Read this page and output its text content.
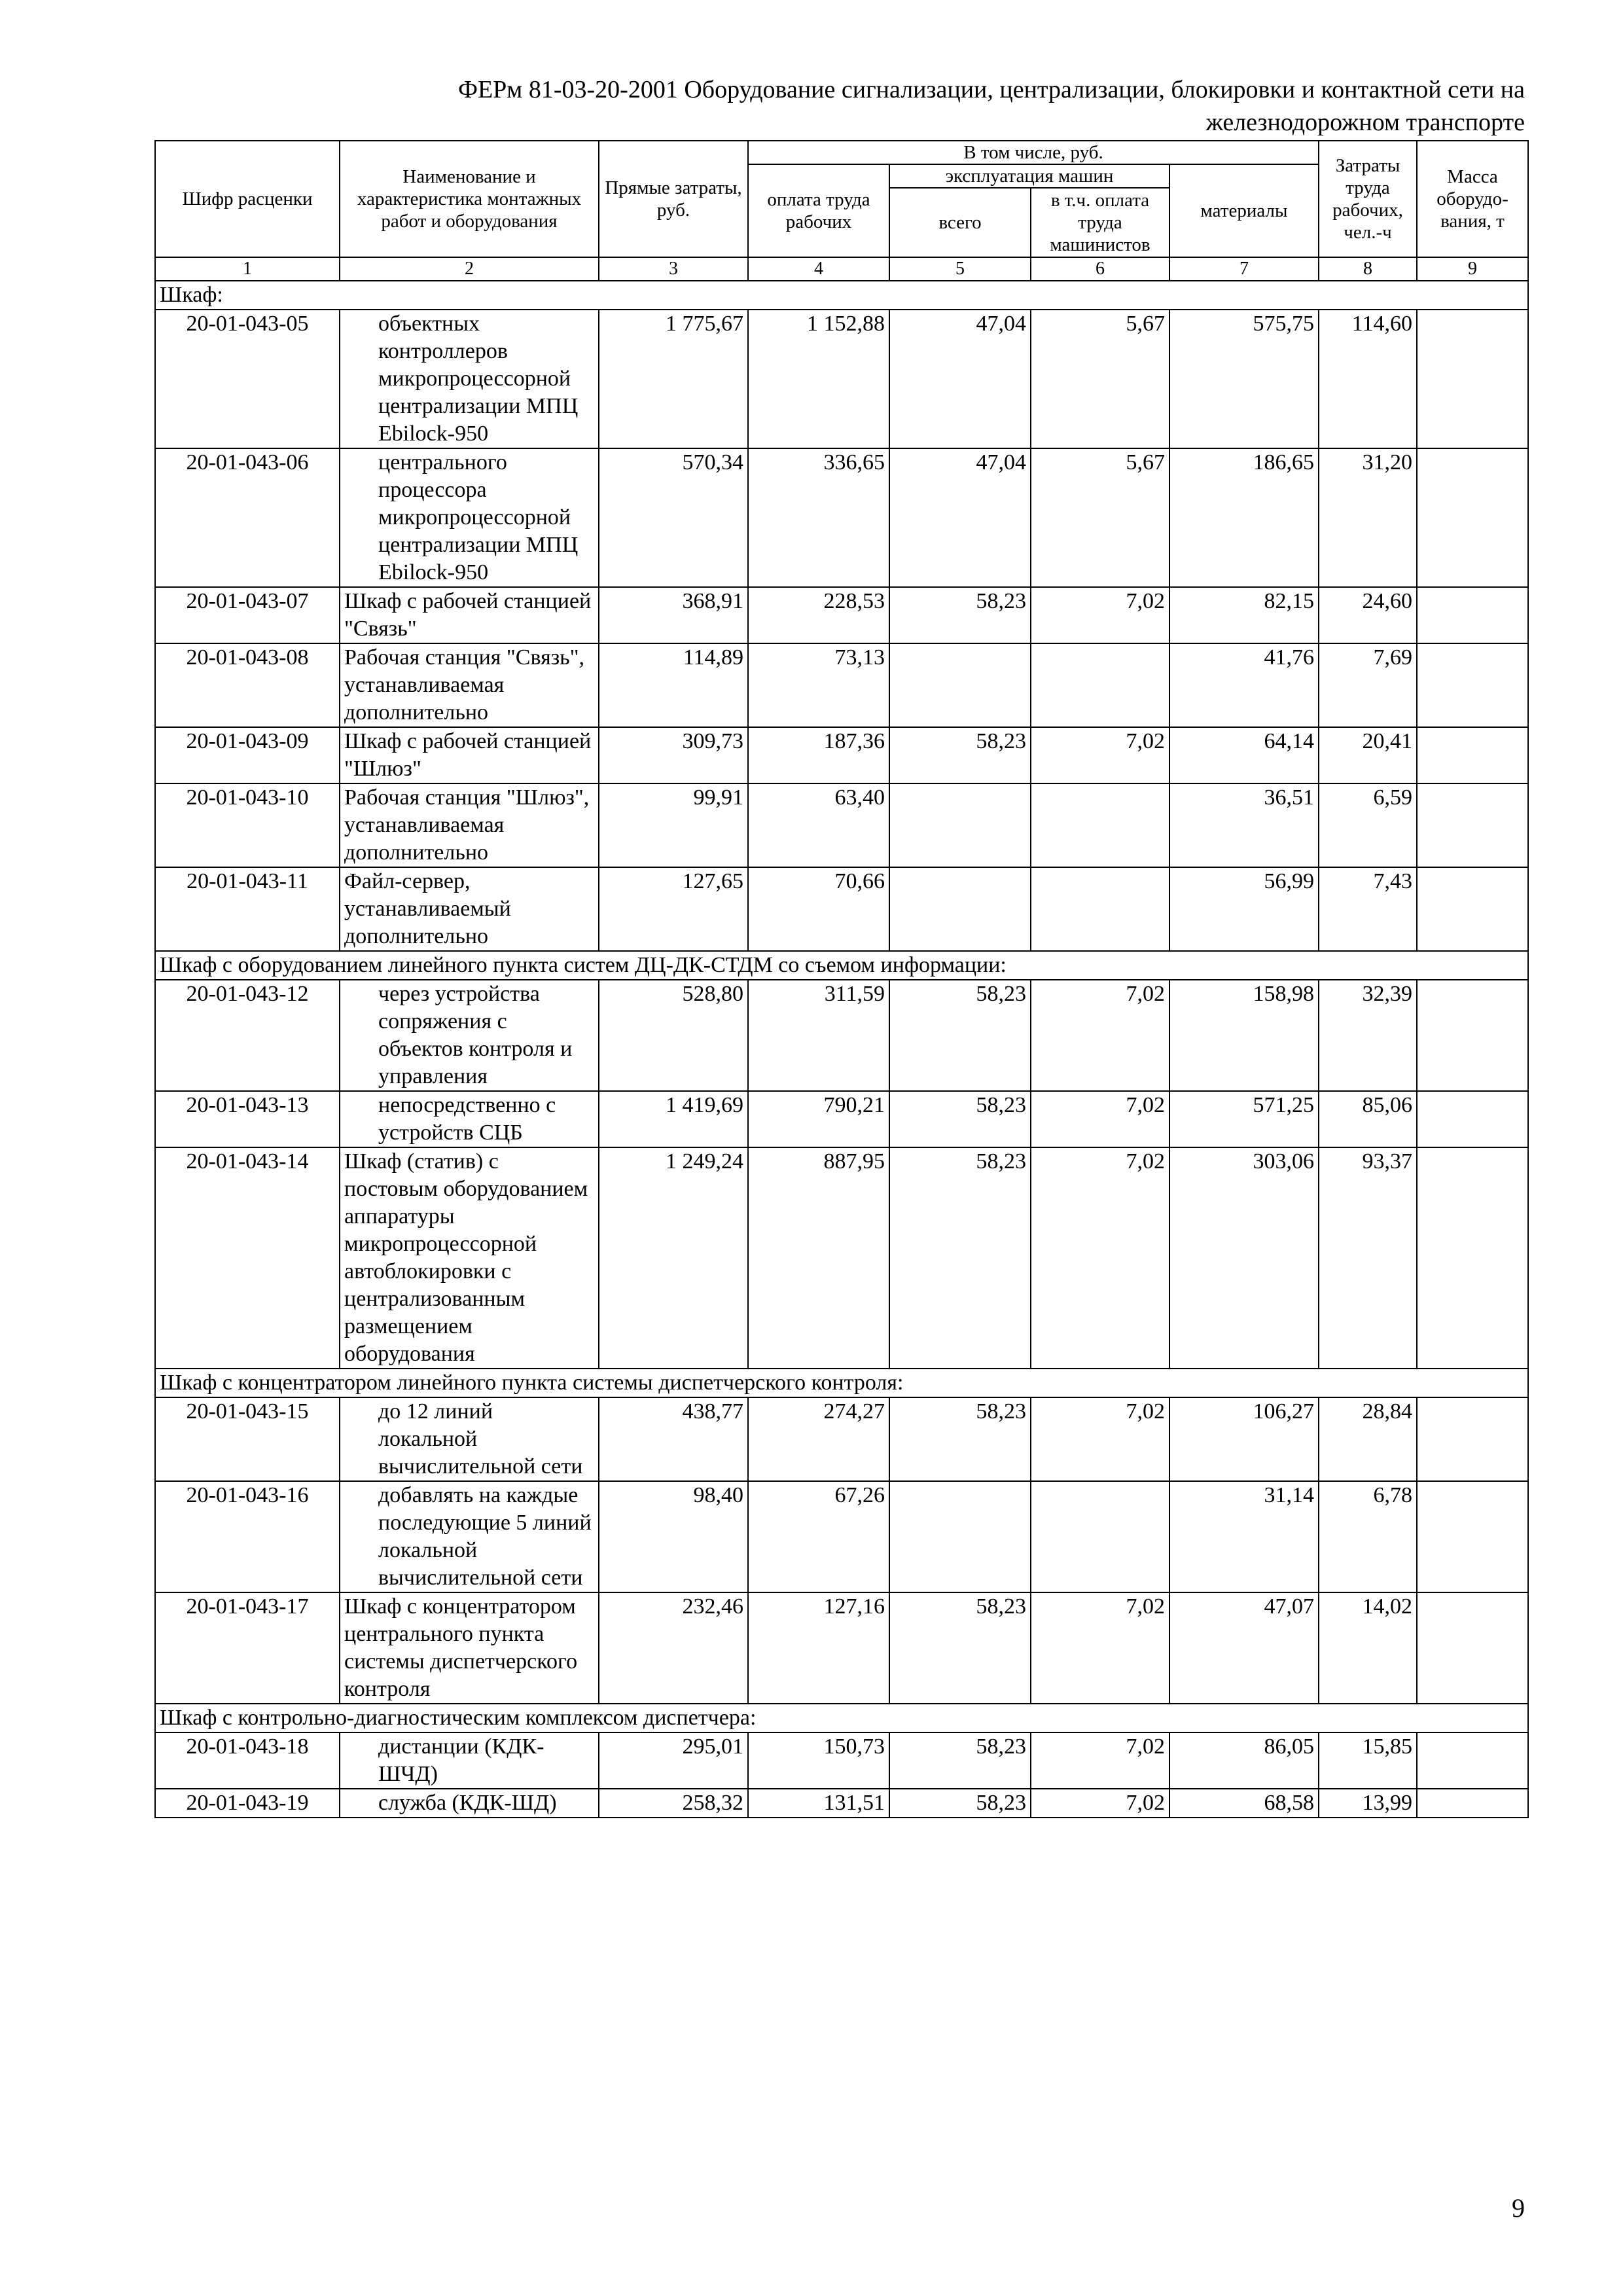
ФЕРм 81-03-20-2001 Оборудование сигнализации, централизации, блокировки и контактной сети на
железнодорожном транспорте
Шифр расценки	Наименование и характеристика монтажных работ и оборудования	Прямые затраты, руб.	В том числе, руб.				Затраты труда рабочих, чел.-ч	Масса оборудо-вания, т
			оплата труда рабочих	эксплуатация машин		материалы		
				всего	в т.ч. оплата труда машинистов			
1	2	3	4	5	6	7	8	9
Шкаф:								
20-01-043-05	объектных контроллеров микропроцессорной централизации МПЦ Ebilock-950	1 775,67	1 152,88	47,04	5,67	575,75	114,60	
20-01-043-06	центрального процессора микропроцессорной централизации МПЦ Ebilock-950	570,34	336,65	47,04	5,67	186,65	31,20	
20-01-043-07	Шкаф с рабочей станцией "Связь"	368,91	228,53	58,23	7,02	82,15	24,60	
20-01-043-08	Рабочая станция "Связь", устанавливаемая дополнительно	114,89	73,13			41,76	7,69	
20-01-043-09	Шкаф с рабочей станцией "Шлюз"	309,73	187,36	58,23	7,02	64,14	20,41	
20-01-043-10	Рабочая станция "Шлюз", устанавливаемая дополнительно	99,91	63,40			36,51	6,59	
20-01-043-11	Файл-сервер, устанавливаемый дополнительно	127,65	70,66			56,99	7,43	
Шкаф с оборудованием линейного пункта систем ДЦ-ДК-СТДМ со съемом информации:								
20-01-043-12	через устройства сопряжения с объектов контроля и управления	528,80	311,59	58,23	7,02	158,98	32,39	
20-01-043-13	непосредственно с устройств СЦБ	1 419,69	790,21	58,23	7,02	571,25	85,06	
20-01-043-14	Шкаф (статив) с постовым оборудованием аппаратуры микропроцессорной автоблокировки с централизованным размещением оборудования	1 249,24	887,95	58,23	7,02	303,06	93,37	
Шкаф с концентратором линейного пункта системы диспетчерского контроля:								
20-01-043-15	до 12 линий локальной вычислительной сети	438,77	274,27	58,23	7,02	106,27	28,84	
20-01-043-16	добавлять на каждые последующие 5 линий локальной вычислительной сети	98,40	67,26			31,14	6,78	
20-01-043-17	Шкаф с концентратором центрального пункта системы диспетчерского контроля	232,46	127,16	58,23	7,02	47,07	14,02	
Шкаф с контрольно-диагностическим комплексом диспетчера:								
20-01-043-18	дистанции (КДК-ШЧД)	295,01	150,73	58,23	7,02	86,05	15,85	
20-01-043-19	служба (КДК-ШД)	258,32	131,51	58,23	7,02	68,58	13,99	
9
